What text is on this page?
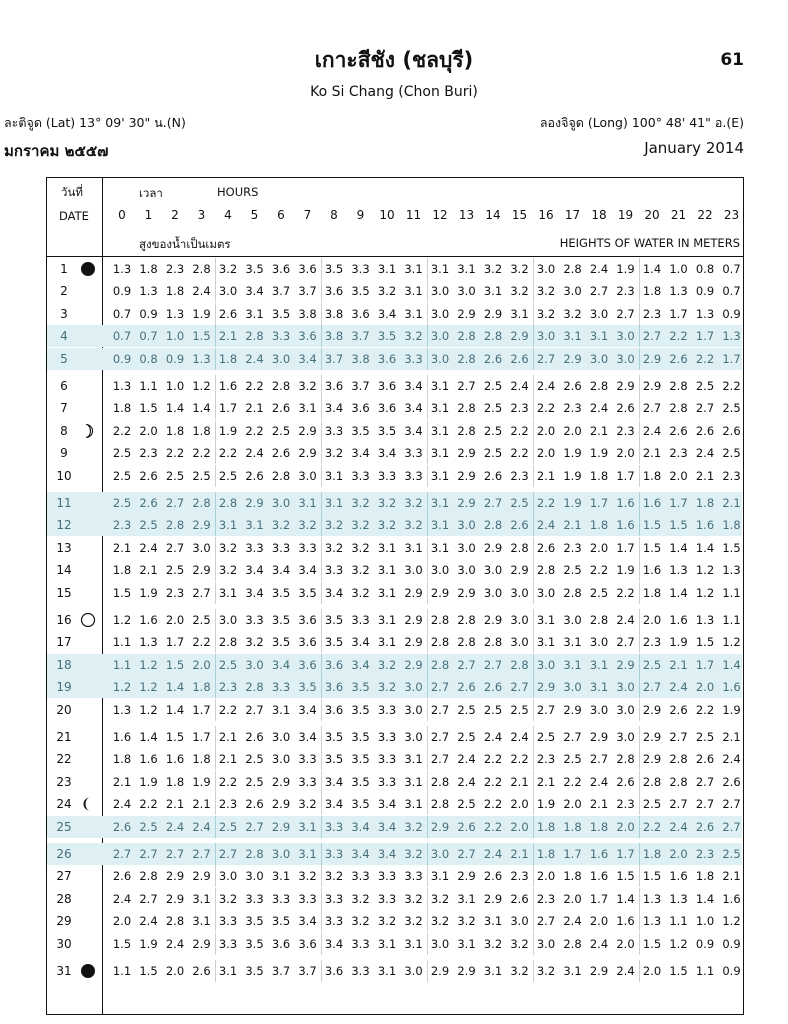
เกาะสีชัง (ชลบุรี)	61
Ko Si Chang (Chon Buri)
ละติจูด (Lat) 13° 09' 30" น.(N)	ลองจิจูด (Long) 100° 48' 41" อ.(E)
มกราคม ๒๕๕๗	January 2014
วันที่
DATE
เวลา	HOURS
สูงของน้ำเป็นเมตร	HEIGHTS OF WATER IN METERS
0	1	2	3	4	5	6	7	8	9	10 11 12 13 14 15 16 17 18 19 20 21 22 23
1	1.3 1.8 2.3 2.8 3.2 3.5 3.6 3.6 3.5 3.3 3.1 3.1 3.1 3.1 3.2 3.2 3.0 2.8 2.4 1.9 1.4 1.0 0.8 0.7
2	0.9 1.3 1.8 2.4 3.0 3.4 3.7 3.7 3.6 3.5 3.2 3.1 3.0 3.0 3.1 3.2 3.2 3.0 2.7 2.3 1.8 1.3 0.9 0.7
3	0.7 0.9 1.3 1.9 2.6 3.1 3.5 3.8 3.8 3.6 3.4 3.1 3.0 2.9 2.9 3.1 3.2 3.2 3.0 2.7 2.3 1.7 1.3 0.9
4	0.7 0.7 1.0 1.5 2.1 2.8 3.3 3.6 3.8 3.7 3.5 3.2 3.0 2.8 2.8 2.9 3.0 3.1 3.1 3.0 2.7 2.2 1.7 1.3
5	0.9 0.8 0.9 1.3 1.8 2.4 3.0 3.4 3.7 3.8 3.6 3.3 3.0 2.8 2.6 2.6 2.7 2.9 3.0 3.0 2.9 2.6 2.2 1.7
6	1.3 1.1 1.0 1.2 1.6 2.2 2.8 3.2 3.6 3.7 3.6 3.4 3.1 2.7 2.5 2.4 2.4 2.6 2.8 2.9 2.9 2.8 2.5 2.2
7	1.8 1.5 1.4 1.4 1.7 2.1 2.6 3.1 3.4 3.6 3.6 3.4 3.1 2.8 2.5 2.3 2.2 2.3 2.4 2.6 2.7 2.8 2.7 2.5
8	2.2 2.0 1.8 1.8 1.9 2.2 2.5 2.9 3.3 3.5 3.5 3.4 3.1 2.8 2.5 2.2 2.0 2.0 2.1 2.3 2.4 2.6 2.6 2.6
9	2.5 2.3 2.2 2.2 2.2 2.4 2.6 2.9 3.2 3.4 3.4 3.3 3.1 2.9 2.5 2.2 2.0 1.9 1.9 2.0 2.1 2.3 2.4 2.5
10	2.5 2.6 2.5 2.5 2.5 2.6 2.8 3.0 3.1 3.3 3.3 3.3 3.1 2.9 2.6 2.3 2.1 1.9 1.8 1.7 1.8 2.0 2.1 2.3
11	2.5 2.6 2.7 2.8 2.8 2.9 3.0 3.1 3.1 3.2 3.2 3.2 3.1 2.9 2.7 2.5 2.2 1.9 1.7 1.6 1.6 1.7 1.8 2.1
12	2.3 2.5 2.8 2.9 3.1 3.1 3.2 3.2 3.2 3.2 3.2 3.2 3.1 3.0 2.8 2.6 2.4 2.1 1.8 1.6 1.5 1.5 1.6 1.8
13	2.1 2.4 2.7 3.0 3.2 3.3 3.3 3.3 3.2 3.2 3.1 3.1 3.1 3.0 2.9 2.8 2.6 2.3 2.0 1.7 1.5 1.4 1.4 1.5
14	1.8 2.1 2.5 2.9 3.2 3.4 3.4 3.4 3.3 3.2 3.1 3.0 3.0 3.0 3.0 2.9 2.8 2.5 2.2 1.9 1.6 1.3 1.2 1.3
15	1.5 1.9 2.3 2.7 3.1 3.4 3.5 3.5 3.4 3.2 3.1 2.9 2.9 2.9 3.0 3.0 3.0 2.8 2.5 2.2 1.8 1.4 1.2 1.1
16	1.2 1.6 2.0 2.5 3.0 3.3 3.5 3.6 3.5 3.3 3.1 2.9 2.8 2.8 2.9 3.0 3.1 3.0 2.8 2.4 2.0 1.6 1.3 1.1
17	1.1 1.3 1.7 2.2 2.8 3.2 3.5 3.6 3.5 3.4 3.1 2.9 2.8 2.8 2.8 3.0 3.1 3.1 3.0 2.7 2.3 1.9 1.5 1.2
18	1.1 1.2 1.5 2.0 2.5 3.0 3.4 3.6 3.6 3.4 3.2 2.9 2.8 2.7 2.7 2.8 3.0 3.1 3.1 2.9 2.5 2.1 1.7 1.4
19	1.2 1.2 1.4 1.8 2.3 2.8 3.3 3.5 3.6 3.5 3.2 3.0 2.7 2.6 2.6 2.7 2.9 3.0 3.1 3.0 2.7 2.4 2.0 1.6
20	1.3 1.2 1.4 1.7 2.2 2.7 3.1 3.4 3.6 3.5 3.3 3.0 2.7 2.5 2.5 2.5 2.7 2.9 3.0 3.0 2.9 2.6 2.2 1.9
21	1.6 1.4 1.5 1.7 2.1 2.6 3.0 3.4 3.5 3.5 3.3 3.0 2.7 2.5 2.4 2.4 2.5 2.7 2.9 3.0 2.9 2.7 2.5 2.1
22	1.8 1.6 1.6 1.8 2.1 2.5 3.0 3.3 3.5 3.5 3.3 3.1 2.7 2.4 2.2 2.2 2.3 2.5 2.7 2.8 2.9 2.8 2.6 2.4
23	2.1 1.9 1.8 1.9 2.2 2.5 2.9 3.3 3.4 3.5 3.3 3.1 2.8 2.4 2.2 2.1 2.1 2.2 2.4 2.6 2.8 2.8 2.7 2.6
24	2.4 2.2 2.1 2.1 2.3 2.6 2.9 3.2 3.4 3.5 3.4 3.1 2.8 2.5 2.2 2.0 1.9 2.0 2.1 2.3 2.5 2.7 2.7 2.7
25	2.6 2.5 2.4 2.4 2.5 2.7 2.9 3.1 3.3 3.4 3.4 3.2 2.9 2.6 2.2 2.0 1.8 1.8 1.8 2.0 2.2 2.4 2.6 2.7
26	2.7 2.7 2.7 2.7 2.7 2.8 3.0 3.1 3.3 3.4 3.4 3.2 3.0 2.7 2.4 2.1 1.8 1.7 1.6 1.7 1.8 2.0 2.3 2.5
27	2.6 2.8 2.9 2.9 3.0 3.0 3.1 3.2 3.2 3.3 3.3 3.3 3.1 2.9 2.6 2.3 2.0 1.8 1.6 1.5 1.5 1.6 1.8 2.1
28	2.4 2.7 2.9 3.1 3.2 3.3 3.3 3.3 3.3 3.2 3.3 3.2 3.2 3.1 2.9 2.6 2.3 2.0 1.7 1.4 1.3 1.3 1.4 1.6
29	2.0 2.4 2.8 3.1 3.3 3.5 3.5 3.4 3.3 3.2 3.2 3.2 3.2 3.2 3.1 3.0 2.7 2.4 2.0 1.6 1.3 1.1 1.0 1.2
30	1.5 1.9 2.4 2.9 3.3 3.5 3.6 3.6 3.4 3.3 3.1 3.1 3.0 3.1 3.2 3.2 3.0 2.8 2.4 2.0 1.5 1.2 0.9 0.9
31	1.1 1.5 2.0 2.6 3.1 3.5 3.7 3.7 3.6 3.3 3.1 3.0 2.9 2.9 3.1 3.2 3.2 3.1 2.9 2.4 2.0 1.5 1.1 0.9
